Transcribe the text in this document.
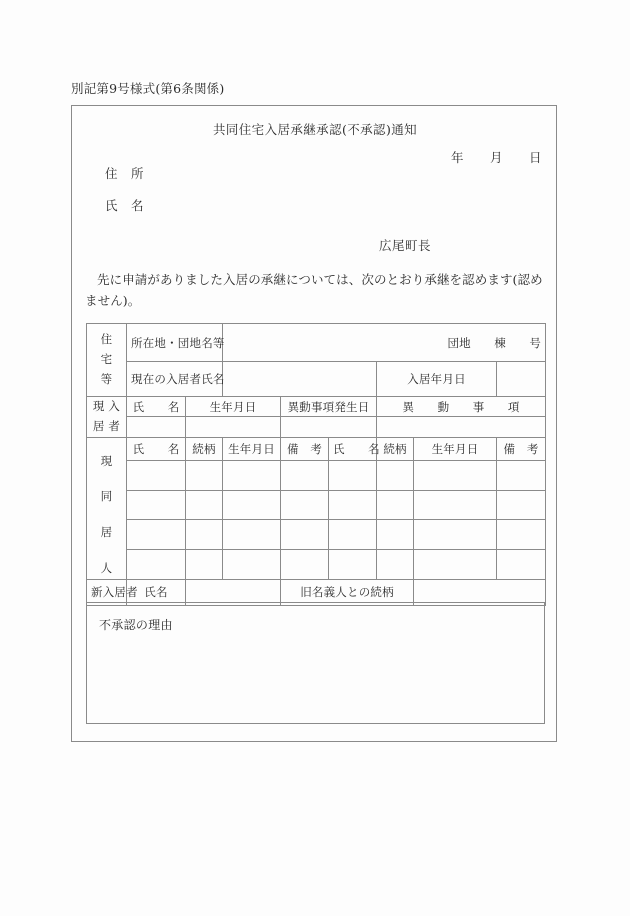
別記第9号様式(第6条関係)
共同住宅入居承継承認(不承認)通知
年 月 日
住　所
氏　名
広尾町長
先に申請がありました入居の承継については、次のとおり承継を認めます(認めません)。
住
宅
等	所在地・団地名等		団地　　棟　　号					
	現在の入居者氏名					入居年月日		

現 入
居 者	氏　　名	生年月日		異動事項発生日		異　　動　　事　　項		

現
同
居
人	氏　　名	続柄	生年月日	備　考	氏　　名	続柄	生年月日	備　考

新入居者	氏名			旧名義人との続柄				
不承認の理由
